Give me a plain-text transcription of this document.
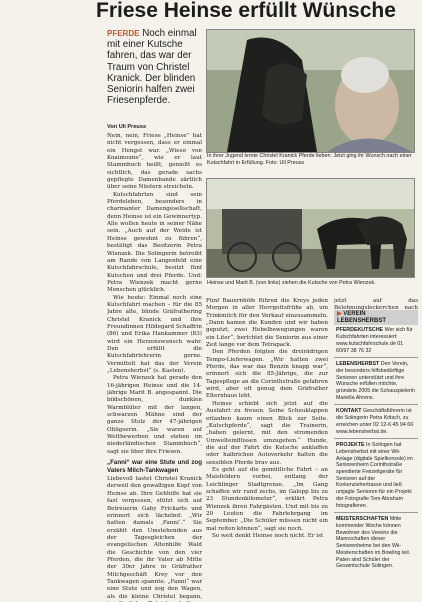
Friese Heinse erfüllt Wünsche
PFERDE Noch einmal mit einer Kutsche fahren, das war der Traum von Christel Kranick. Der blinden Seniorin halfen zwei Friesenpferde.
Von Uli Preuss
In ihrer Jugend lernte Christel Kranick Pferde lieben. Jetzt ging ihr Wunsch nach einer Kutschfahrt in Erfüllung. Foto: Uli Preuss
Heinse und Marit B. (von links) ziehen die Kutsche von Petra Wienzek.

Nein, nein, Friese „Heinse“ hat nicht vergessen, dass er einmal ein Hengst war. „Wieso von Koaimoune“, wie er laut Stammbuch heißt, genießt es sichtlich, das gerade sachs gepflegte Damenhande zärtlich über seine Nüstern streicheln.

Kutschfahrten sind sein Pferdeleben, besonders in charmanter Damengesellschaft, denn Heinse ist ein Gewinnertyp. Alle wollen heute in seiner Nähe sein. „Auch auf der Weide ist Heinse gewohnt zu führen“, bestätigt das Besitzerin Petra Wienzek. Die Solingerin betreibt am Rande von Langenfeld eine Kutschfahrschule, besitzt fünf Kutschen und drei Pferde. Und: Petra Wienzek macht gerne Menschen glücklich.

Wie heute: Einmal noch eine Kutschfahrt machen – für die 85 Jahre alte, blinde Gräfrathering Christel Kranick und ihre Freundinnen Hildegard Schaffrin (86) und Erika Hankammer (83) wird ein Herzenswunsch wahr. Den erfüllt die Kutschfahrlehrerin gerne. Vermittelt hat das der Verein „Lebensherbst“ (s. Kasten).

Petra Wienzek hat gerade den 16-jährigen Heinse und die 14-jährige Marit B. angespannt. Die bildschönen, dunklen Warmblüter mit der langen, schwarzen Mähne sind der ganze Stolz der 47-jährigen Ohligserin. „Sie waren auf Wettbewerben und stehen im niederländischen Stammbuch“, sagt sie über ihre Friesen.

„Fanni“ war eine Stute und zog Vaters Milch-Tankwagen

Liebevoll tastet Christel Kranick derweil den gewaltigen Kopf von Heinse ab. Ihre Gehhilfe hat sie fast vergessen, stützt sich auf Betreuerin Gaby Frickarts und erinnert sich lächelnd: „Wir hatten damals ‚Fanni‘.“ Sie erzählt den Umstehenden aus der Tagesgleichen der evangelischen Altenhilfe Wald die Geschichte von den vier Pferden, die ihr Vater ab Mitte der 30er Jahre in Gräfrather Milchgeschäft Krey vor den Tankwagen spannte. „Fanni“ war eine Stute und zog den Wagen, als die kleine Christel begann,

Fünf Bauernhöfe führen die Kreys jeden Morgen in aller Herrgottsfrühe ab, um Trinkmilch für den Verkauf einzusammeln. „Dann kamen die Kunden und wir haben geputzt, zwei Hebelbewegungen waren ein Liter“, berichtet die Seniorin aus einer Zeit lange vor dem Tetrapack.

Den Pferden folgten die dreirädrigen Tempo-Lieferwagen. „Wir hatten zwei Pferde, das war das Benzin knapp war“, erinnert sich die 85-Jährige, die zur Tagespflege an die Corinthstraße gefahren wird, aber oft genug dem Gräfrather Elternhaus lebt.

Heinse schiebt sich jetzt auf die Ausfahrt zu freuen. Seine Scheuklappen erlauben kaum einen Blick zur Seite. „Kutschpferde“, sagt die Trainerin, „haben gelernt, mit den stromenden Umwelteinflüssen umzugehen.“ Hunde, die auf der Fahrt die Kutsche anklaffen oder halbrichen Autoverkehr halten die sensiblen Pferde brav aus.

Es geht auf die gemütliche Fahrt – an Maisfeldern vorbei, entlang der Leichlinger Stadtgrenze. „Im Gang schaffen wir rund zechs, im Galopp bis zu 23 Stundenkilometer“, erklärt Petra Wienzek ihren Fahrgästen. Und mit bis zu 20 Leuten die Fahrlehrgang im September. „Die Schüler müssen nicht ein mal reiten können“, sagt sie noch.

So weit denkt Heinse noch nicht. Er ist

jetzt auf das Belohnungsleckerchen nach

▶ VEREIN LEBENSHERBST
PFERDEKUTSCHE Wer sich für Kutschfahrten interessiert: www.kutschfahrschule.de 01 60/97 38 76 32
LEBENSHERBST Den Verein, der besonders hilfsbedürftige Senioren unterstützt und ihre Wünsche erfüllen möchte, gründete 2005 die Schauspielerin Mariella Ahrens.
KONTAKT Geschäftsführerin ist die Solingerin Petra Kritsch, zu erreichen unter 02 12-6 45 94 66 www.lebensherbst.de.
PROJEKTE In Solingen hat Lebensherbst mit einer Wii-Anlage (digitale Spielkonsole) im Seniorenheim Corinthstraße spendierte Freizeitgeräte für Senioren auf der Korkenziehertrasse und ließ umjagte Senioren für ein Projekt der Fotografie Tom Abraham fotografieren.
MEISTERSCHAFTEN Mitte kommender Woche können Bewohner des Vereins die Mannschaften dieser Seniorenheime bei den Wii-Meisterschaften im Bowling teil. Paten sind Schüler der Gesamtschule Solingen.
